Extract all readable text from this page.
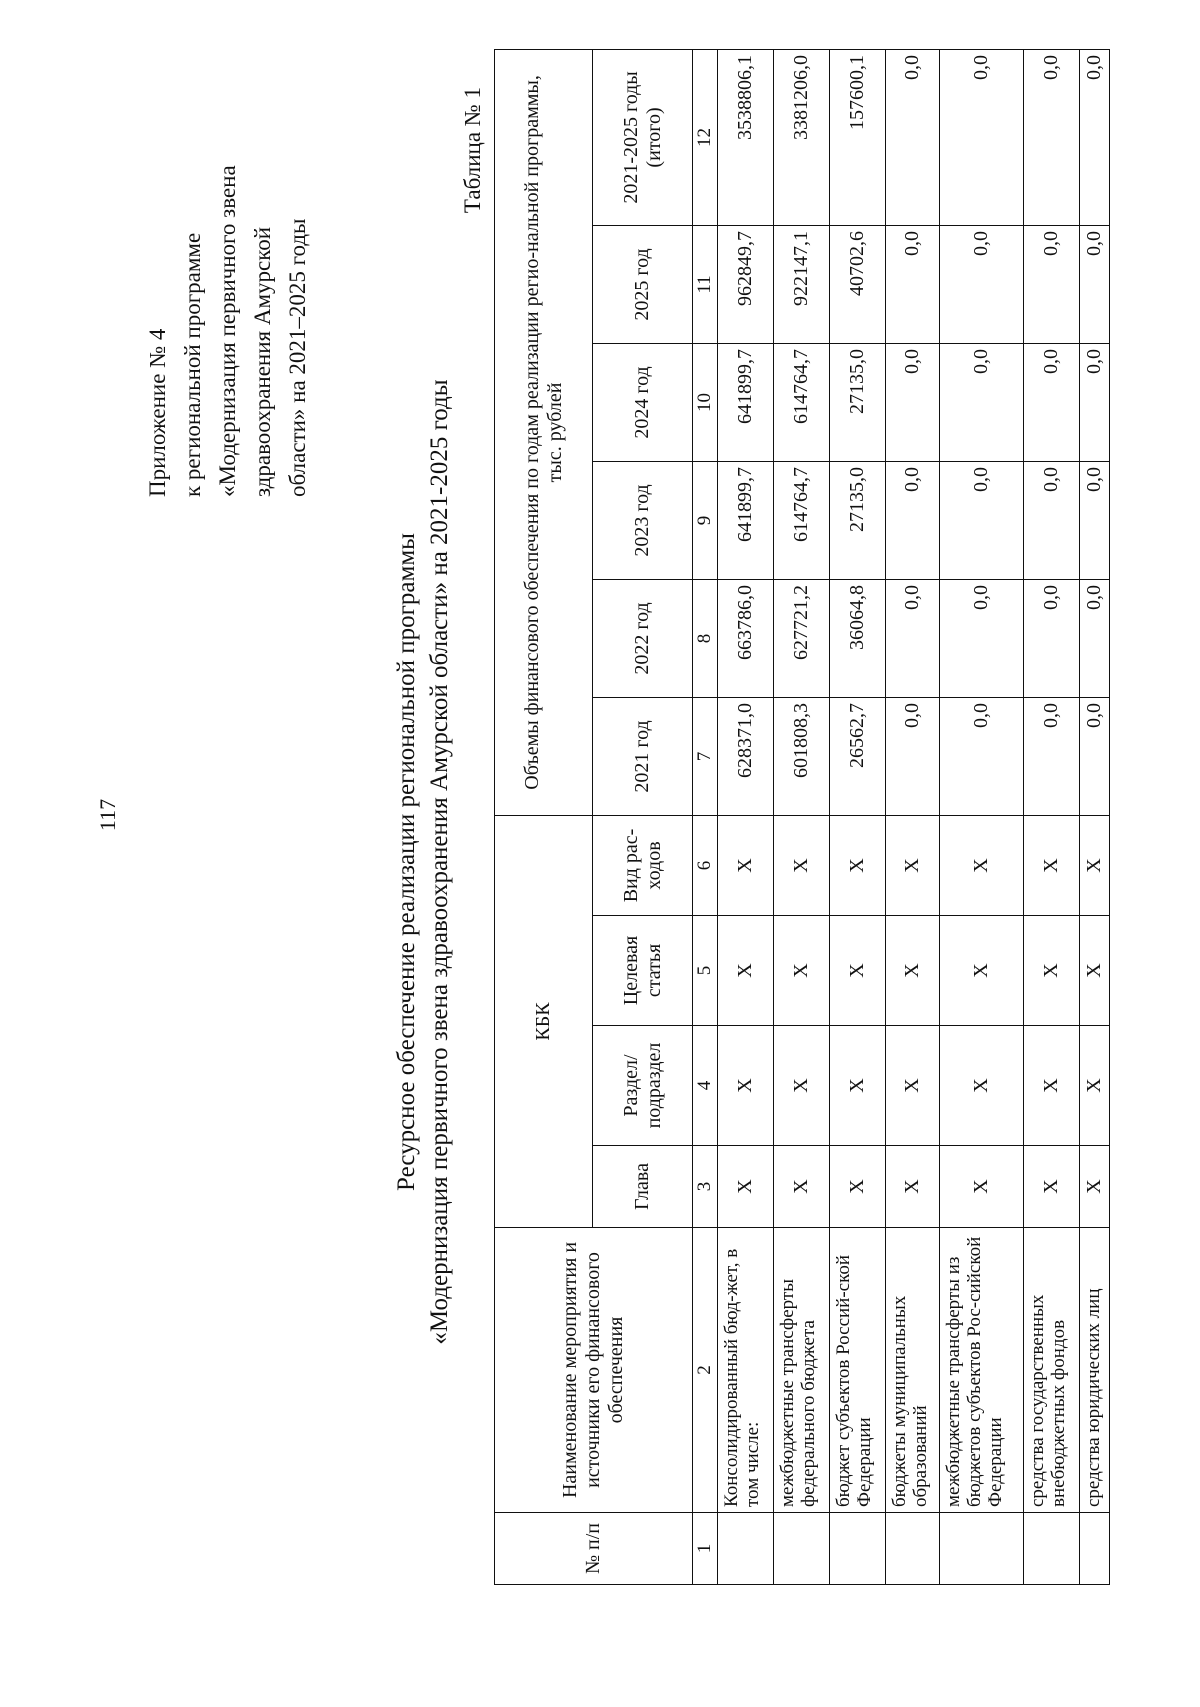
117
Приложение № 4 к региональной программе «Модернизация первичного звена здравоохранения Амурской области» на 2021–2025 годы
Ресурсное обеспечение реализации региональной программы «Модернизация первичного звена здравоохранения Амурской области» на 2021-2025 годы
Таблица № 1
№ п/п	Наименование мероприятия и источники его финансового обеспечения	КБК				Объемы финансового обеспечения по годам реализации регио-нальной программы, тыс. рублей					
		Глава	Раздел/ подраздел	Целевая статья	Вид рас-ходов	2021 год	2022 год	2023 год	2024 год	2025 год	2021-2025 годы (итого)
1	2	3	4	5	6	7	8	9	10	11	12
	Консолидированный бюд-жет, в том числе:	Х	Х	Х	Х	628371,0	663786,0	641899,7	641899,7	962849,7	3538806,1
	межбюджетные трансферты федерального бюджета	Х	Х	Х	Х	601808,3	627721,2	614764,7	614764,7	922147,1	3381206,0
	бюджет субъектов Россий-ской Федерации	Х	Х	Х	Х	26562,7	36064,8	27135,0	27135,0	40702,6	157600,1
	бюджеты муниципальных образований	Х	Х	Х	Х	0,0	0,0	0,0	0,0	0,0	0,0
	межбюджетные трансферты из бюджетов субъектов Рос-сийской Федерации	Х	Х	Х	Х	0,0	0,0	0,0	0,0	0,0	0,0
	средства государственных внебюджетных фондов	Х	Х	Х	Х	0,0	0,0	0,0	0,0	0,0	0,0
	средства юридических лиц	Х	Х	Х	Х	0,0	0,0	0,0	0,0	0,0	0,0
